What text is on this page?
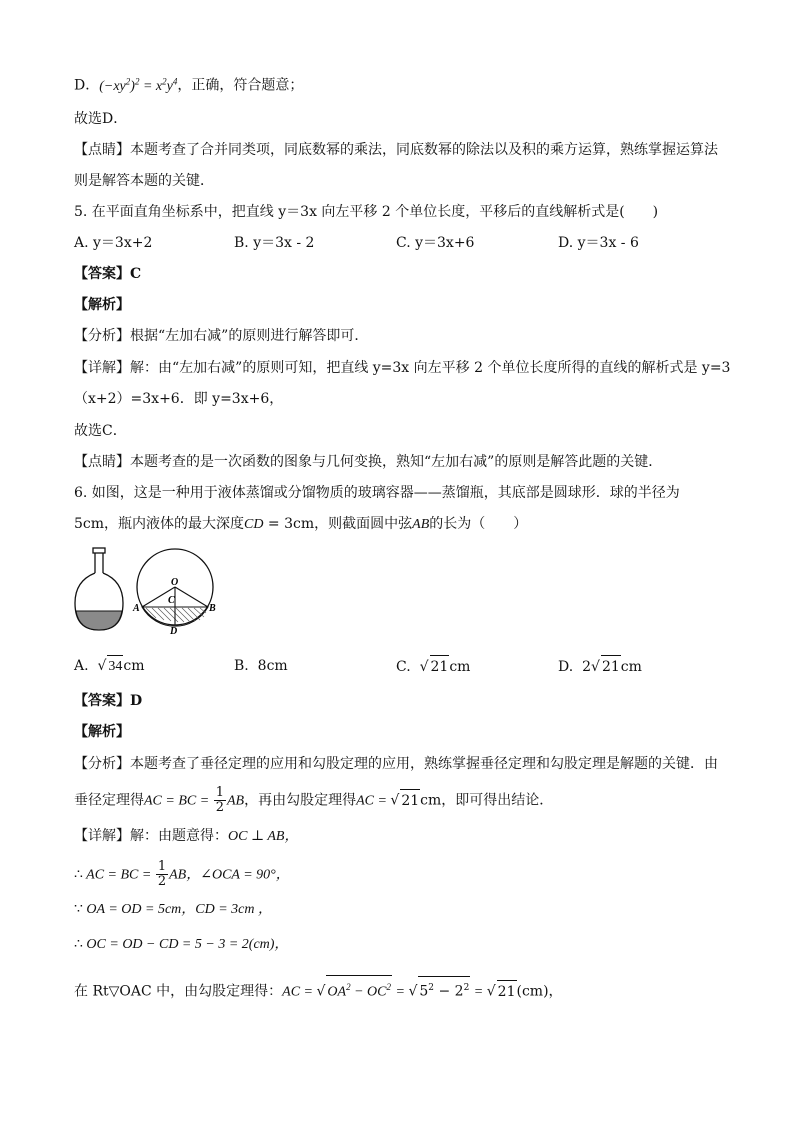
D．$(-xy^2)^2 = x^2y^4$，正确，符合题意；
故选D．
【点睛】本题考查了合并同类项，同底数幂的乘法，同底数幂的除法以及积的乘方运算，熟练掌握运算法
则是解答本题的关键．
5. 在平面直角坐标系中，把直线 y＝3x 向左平移 2 个单位长度，平移后的直线解析式是(　　)
A. y＝3x+2	B. y＝3x - 2	C. y＝3x+6	D. y＝3x - 6
【答案】C
【解析】
【分析】根据“左加右减”的原则进行解答即可．
【详解】解：由“左加右减”的原则可知，把直线 y=3x 向左平移 2 个单位长度所得的直线的解析式是 y=3
（x+2）=3x+6．即 y=3x+6，
故选C．
【点睛】本题考查的是一次函数的图象与几何变换，熟知“左加右减”的原则是解答此题的关键．
6. 如图，这是一种用于液体蒸馏或分馏物质的玻璃容器——蒸馏瓶，其底部是圆球形．球的半径为
5cm，瓶内液体的最大深度CD = 3cm，则截面圆中弦AB的长为（　　）
O
C
A	B
D
A.  √ 34cm	B. 8cm	C.  √ 21cm	D. 2√ 21cm
【答案】D
【解析】
【分析】本题考查了垂径定理的应用和勾股定理的应用，熟练掌握垂径定理和勾股定理是解题的关键．由
垂径定理得AC = BC = $\frac{1}{2}$ AB，再由勾股定理得AC = √ 21cm，即可得出结论．
【详解】解：由题意得：OC ⊥ AB，
∴ AC = BC = $\frac{1}{2}$ AB，∠OCA = 90°，
∵ OA = OD = 5cm，CD = 3cm ，
∴ OC = OD − CD = 5 − 3 = 2(cm)，
在 Rt▽OAC 中，由勾股定理得：AC = √ $OA^2 - OC^2$ = √ $5^2 - 2^2$ = √ 21(cm)，
